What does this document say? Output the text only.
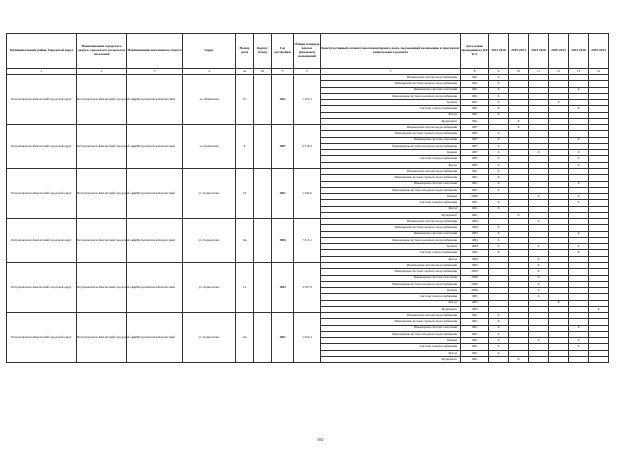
Муниципальный район, Городской округ	Наименование городского округа, городского (сельского) поселения	Наименование населенного пункта	Адрес	Номер дома	Корпус (блок)	Год постройки	Общая площадь жилых (нежилых) помещений	Конструктивный элемент многоквартирного дома, подлежащий включению в программу капитального ремонта	Дата ранее проведенного КР КЭ	2014 2018	2019 2023	2024 2028	2029 2033	2034 2038	2039 2043
1	2	3	4	4а	4б	5	6	7	8	9	10	11	12	13	14
Петропавловск-Камчатский городской округ	Петропавловск-Камчатский городской округ	г. Петропавловск-Камчатский	ул. Ленинская	67		1961	1 251.3	Инженерная система водоснабжения	1961	X					
								Инженерная система горячего водоснабжения	1961	X					
								Инженерная система отопления	1961	X				X	
								Инженерная система холодного водоснабжения	1961	X					
								Крыша	1961	X			X		
								Система электроснабжения	1961	X				X	
								Фасад	1961	X					
								Фундамент	1961		X				
Петропавловск-Камчатский городской округ	Петропавловск-Камчатский городской округ	г. Петропавловск-Камчатский	ул. Ленинская	8		1987	6 714.9	Инженерная система водоснабжения	1987		X				
								Инженерная система горячего водоснабжения	1987	X					
								Инженерная система отопления	1987	X				X	
								Инженерная система холодного водоснабжения	1987	X					
								Крыша	1987	X		X		X	
								Система электроснабжения	1987	X				X	
								Фасад	1987	X				X	
Петропавловск-Камчатский городской округ	Петропавловск-Камчатский городской округ	г. Петропавловск-Камчатский	ул. Лермонтова	18		1961	1 306.6	Инженерная система водоснабжения	1961	X					
								Инженерная система горячего водоснабжения	1961	X					
								Инженерная система отопления	1961	X				X	
								Инженерная система холодного водоснабжения	1961	X					
								Крыша	2008			X		X	
								Система электроснабжения	1961	X				X	
								Фасад	1961	X					
								Фундамент	1961		X				
Петропавловск-Камчатский городской округ	Петропавловск-Камчатский городской округ	г. Петропавловск-Камчатский	ул. Лермонтова	10а		1984	7 013.1	Инженерная система водоснабжения	1984			X			
								Инженерная система горячего водоснабжения	1984	X					
								Инженерная система отопления	1984	X				X	
								Инженерная система холодного водоснабжения	1984	X					
								Крыша	1984	X		X		X	
								Система электроснабжения	1984	X				X	
								Фасад	1984			X			
Петропавловск-Камчатский городской округ	Петропавловск-Камчатский городской округ	г. Петропавловск-Камчатский	ул. Лермонтова	12		1983	3 507.9	Инженерная система водоснабжения	1983			X			
								Инженерная система горячего водоснабжения	2008			X			
								Инженерная система отопления	2008			X			
								Инженерная система холодного водоснабжения	2008			X			
								Крыша	2008			X			
								Система электроснабжения	1981			X			
								Фасад	1983				X		
								Фундамент	1983						X
Петропавловск-Камчатский городской округ	Петропавловск-Камчатский городской округ	г. Петропавловск-Камчатский	ул. Лермонтова	12а		1961	1 023.4	Инженерная система водоснабжения	1961	X					
								Инженерная система горячего водоснабжения	1961	X					
								Инженерная система отопления	1961	X				X	
								Инженерная система холодного водоснабжения	1961	X					
								Крыша	1961	X		X		X	
								Система электроснабжения	1961	X				X	
								Фасад	1961	X					
								Фундамент	1961		X				
184
